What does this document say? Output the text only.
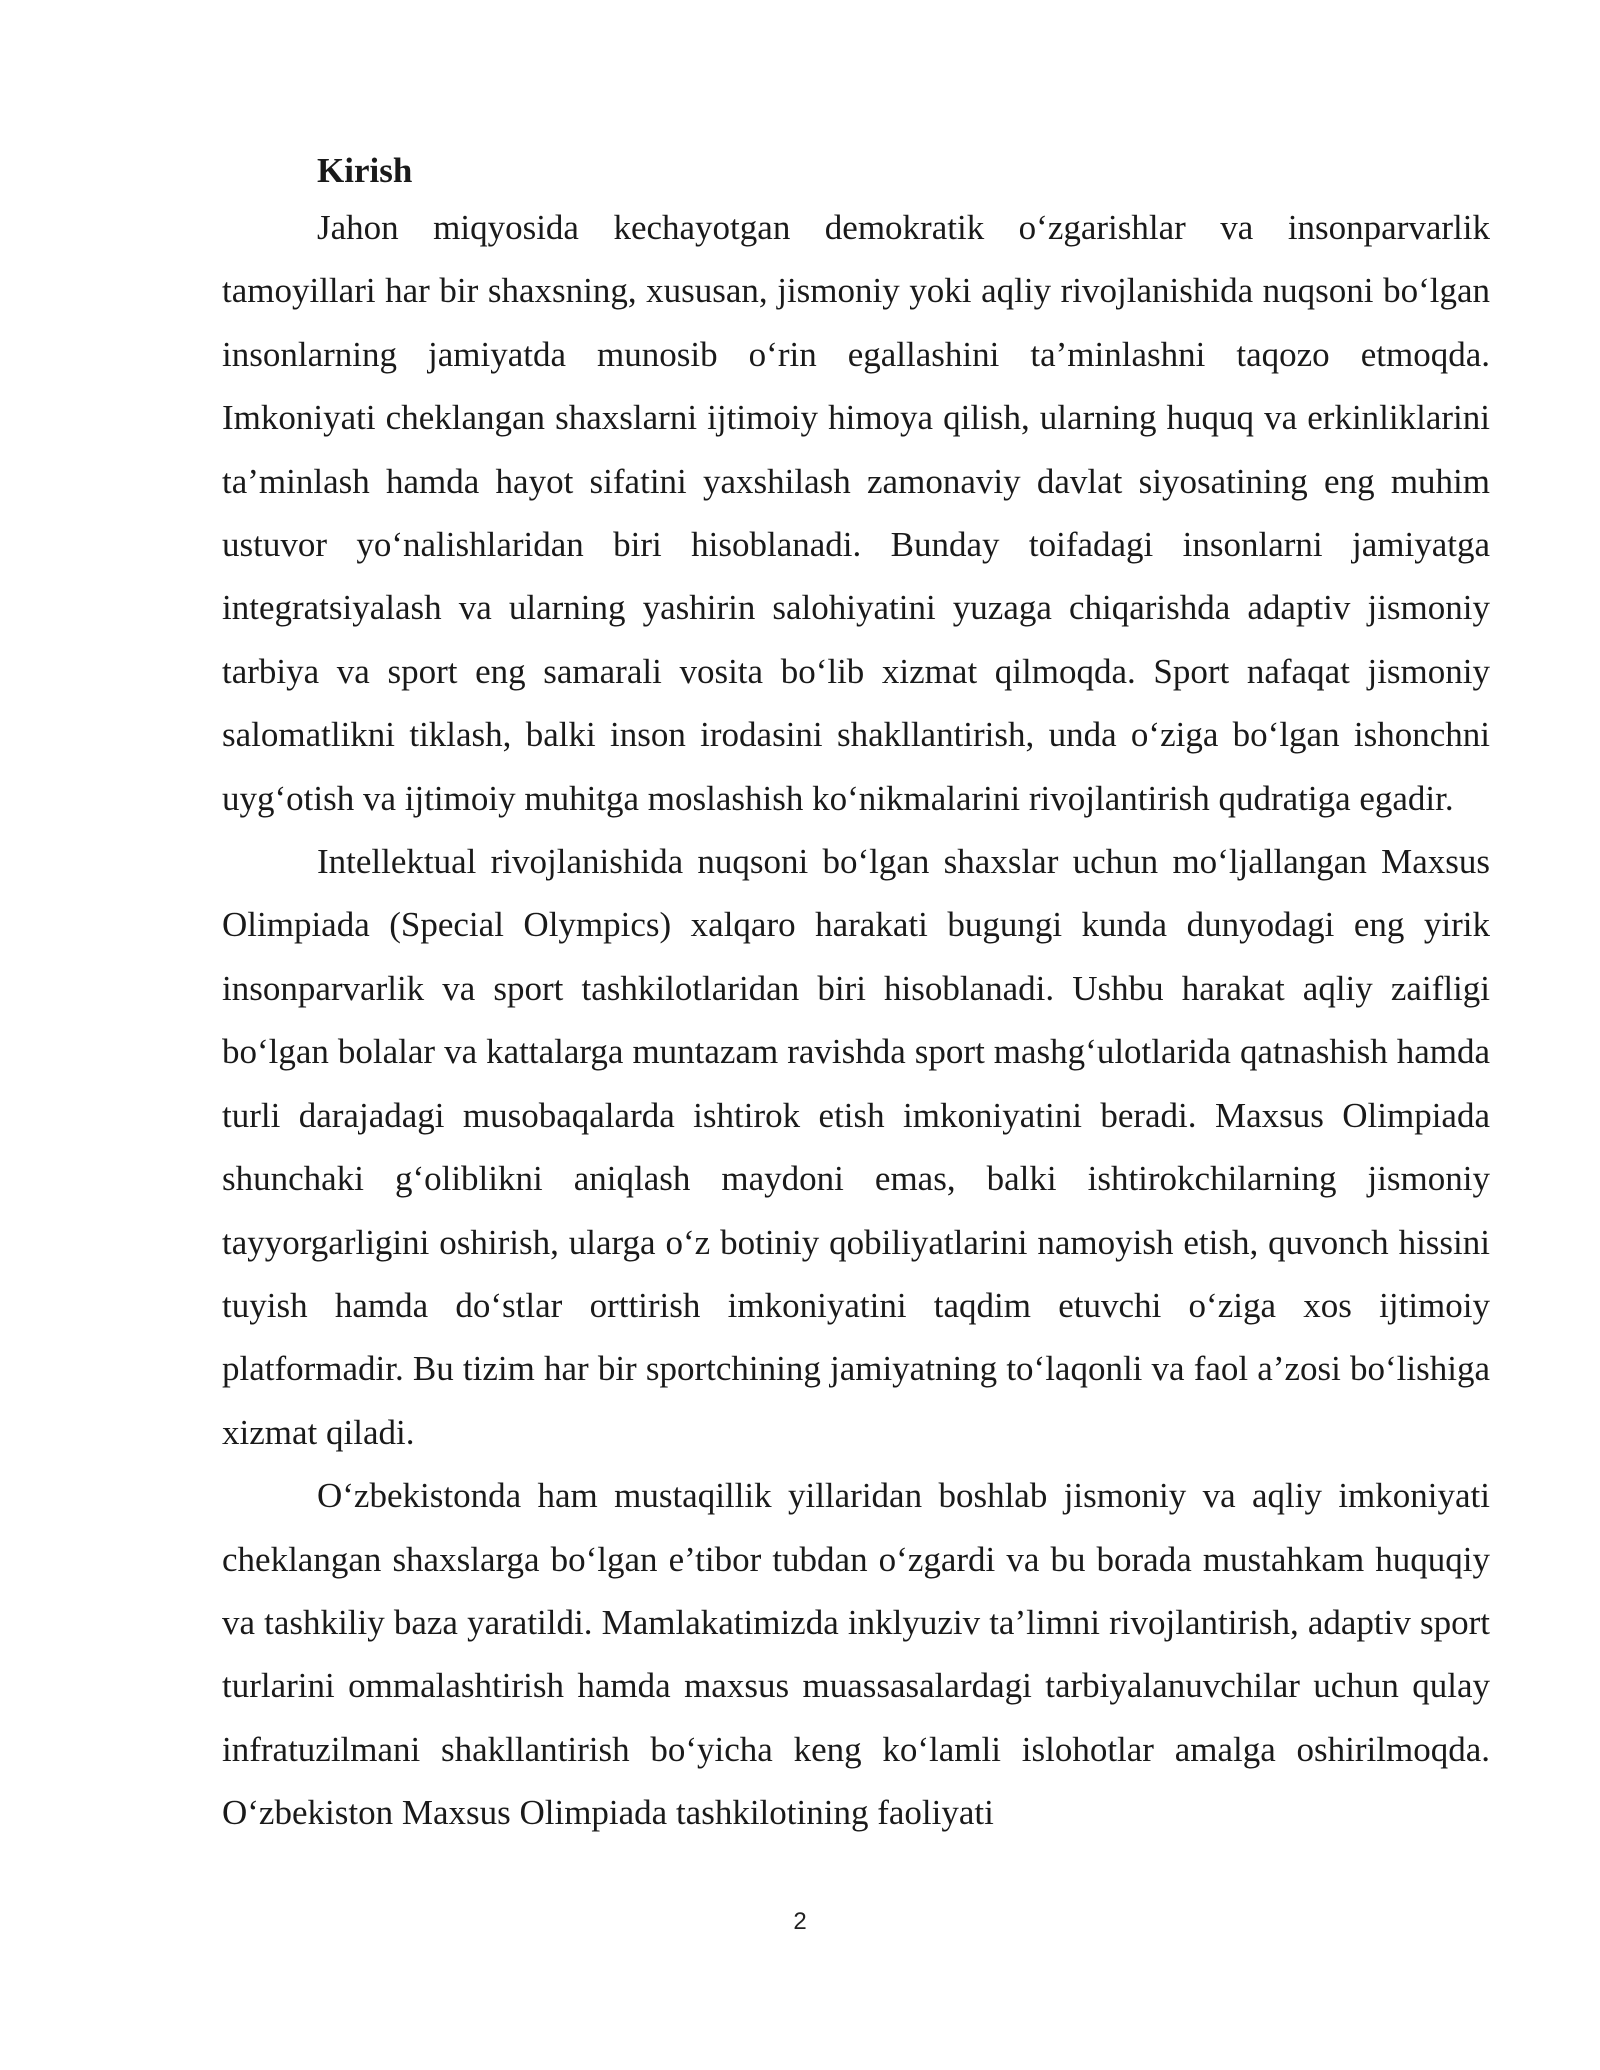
Kirish

Jahon miqyosida kechayotgan demokratik o‘zgarishlar va insonparvarlik tamoyillari har bir shaxsning, xususan, jismoniy yoki aqliy rivojlanishida nuqsoni bo‘lgan insonlarning jamiyatda munosib o‘rin egallashini ta’minlashni taqozo etmoqda. Imkoniyati cheklangan shaxslarni ijtimoiy himoya qilish, ularning huquq va erkinliklarini ta’minlash hamda hayot sifatini yaxshilash zamonaviy davlat siyosatining eng muhim ustuvor yo‘nalishlaridan biri hisoblanadi. Bunday toifadagi insonlarni jamiyatga integratsiyalash va ularning yashirin salohiyatini yuzaga chiqarishda adaptiv jismoniy tarbiya va sport eng samarali vosita bo‘lib xizmat qilmoqda. Sport nafaqat jismoniy salomatlikni tiklash, balki inson irodasini shakllantirish, unda o‘ziga bo‘lgan ishonchni uyg‘otish va ijtimoiy muhitga moslashish ko‘nikmalarini rivojlantirish qudratiga egadir.

Intellektual rivojlanishida nuqsoni bo‘lgan shaxslar uchun mo‘ljallangan Maxsus Olimpiada (Special Olympics) xalqaro harakati bugungi kunda dunyodagi eng yirik insonparvarlik va sport tashkilotlaridan biri hisoblanadi. Ushbu harakat aqliy zaifligi bo‘lgan bolalar va kattalarga muntazam ravishda sport mashg‘ulotlarida qatnashish hamda turli darajadagi musobaqalarda ishtirok etish imkoniyatini beradi. Maxsus Olimpiada shunchaki g‘oliblikni aniqlash maydoni emas, balki ishtirokchilarning jismoniy tayyorgarligini oshirish, ularga o‘z botiniy qobiliyatlarini namoyish etish, quvonch hissini tuyish hamda do‘stlar orttirish imkoniyatini taqdim etuvchi o‘ziga xos ijtimoiy platformadir. Bu tizim har bir sportchining jamiyatning to‘laqonli va faol a’zosi bo‘lishiga xizmat qiladi.

O‘zbekistonda ham mustaqillik yillaridan boshlab jismoniy va aqliy imkoniyati cheklangan shaxslarga bo‘lgan e’tibor tubdan o‘zgardi va bu borada mustahkam huquqiy va tashkiliy baza yaratildi. Mamlakatimizda inklyuziv ta’limni rivojlantirish, adaptiv sport turlarini ommalashtirish hamda maxsus muassasalardagi tarbiyalanuvchilar uchun qulay infratuzilmani shakllantirish bo‘yicha keng ko‘lamli islohotlar amalga oshirilmoqda. O‘zbekiston Maxsus Olimpiada tashkilotining faoliyati

2
